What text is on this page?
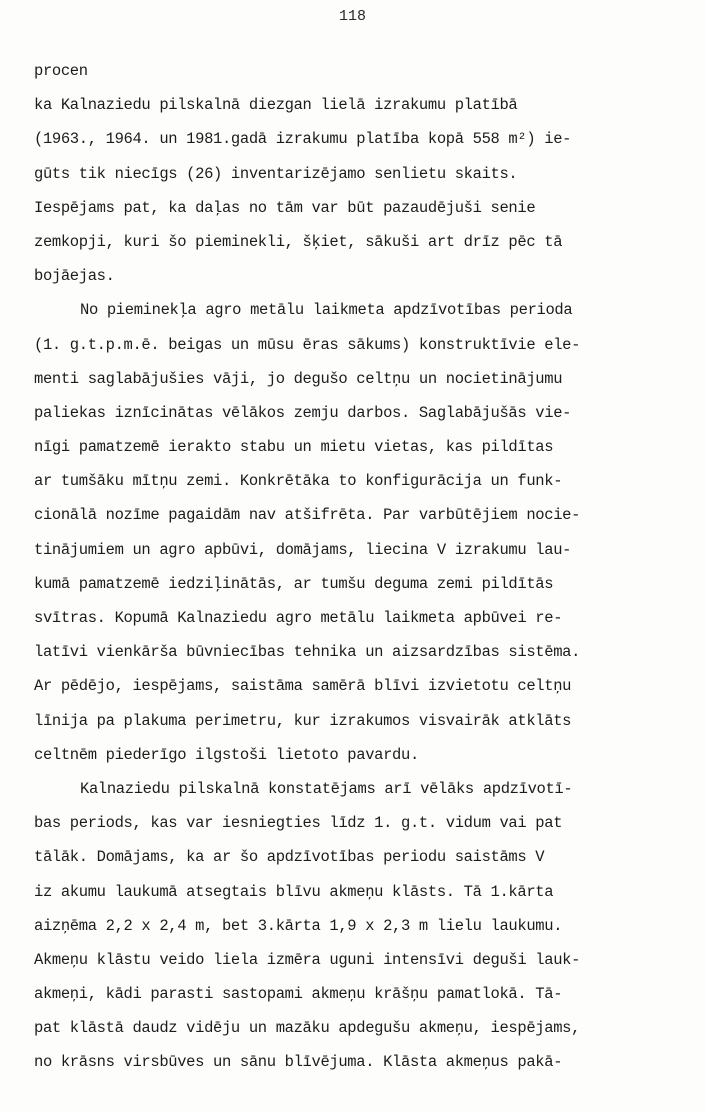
118
procen
ka Kalnaziedu pilskalnā diezgan lielā izrakumu platībā
(1963., 1964. un 1981.gadā izrakumu platība kopā 558 m²) ie-
gūts tik niecīgs (26) inventarizējamo senlietu skaits.
Iespējams pat, ka daļas no tām var būt pazaudējuši senie
zemkopji, kuri šo pieminekli, šķiet, sākuši art drīz pēc tā
bojāejas.
No pieminekļa agro metālu laikmeta apdzīvotības perioda
(1. g.t.p.m.ē. beigas un mūsu ēras sākums) konstruktīvie ele-
menti saglabājušies vāji, jo degušo celtņu un nocietinājumu
paliekas iznīcinātas vēlākos zemju darbos. Saglabājušās vie-
nīgi pamatzemē ierakto stabu un mietu vietas, kas pildītas
ar tumšāku mītņu zemi. Konkrētāka to konfigurācija un funk-
cionālā nozīme pagaidām nav atšifrēta. Par varbūtējiem nocie-
tinājumiem un agro apbūvi, domājams, liecina V izrakumu lau-
kumā pamatzemē iedziļinātās, ar tumšu deguma zemi pildītās
svītras. Kopumā Kalnaziedu agro metālu laikmeta apbūvei re-
latīvi vienkārša būvniecības tehnika un aizsardzības sistēma.
Ar pēdējo, iespējams, saistāma samērā blīvi izvietotu celtņu
līnija pa plakuma perimetru, kur izrakumos visvairāk atklāts
celtnēm piederīgo ilgstoši lietoto pavardu.
Kalnaziedu pilskalnā konstatējams arī vēlāks apdzīvotī-
bas periods, kas var iesniegties līdz 1. g.t. vidum vai pat
tālāk. Domājams, ka ar šo apdzīvotības periodu saistāms V
iz akumu laukumā atsegtais blīvu akmeņu klāsts. Tā 1.kārta
aizņēma 2,2 x 2,4 m, bet 3.kārta 1,9 x 2,3 m lielu laukumu.
Akmeņu klāstu veido liela izmēra uguni intensīvi deguši lauk-
akmeņi, kādi parasti sastopami akmeņu krāšņu pamatlokā. Tā-
pat klāstā daudz vidēju un mazāku apdegušu akmeņu, iespējams,
no krāsns virsbūves un sānu blīvējuma. Klāsta akmeņus pakā-
